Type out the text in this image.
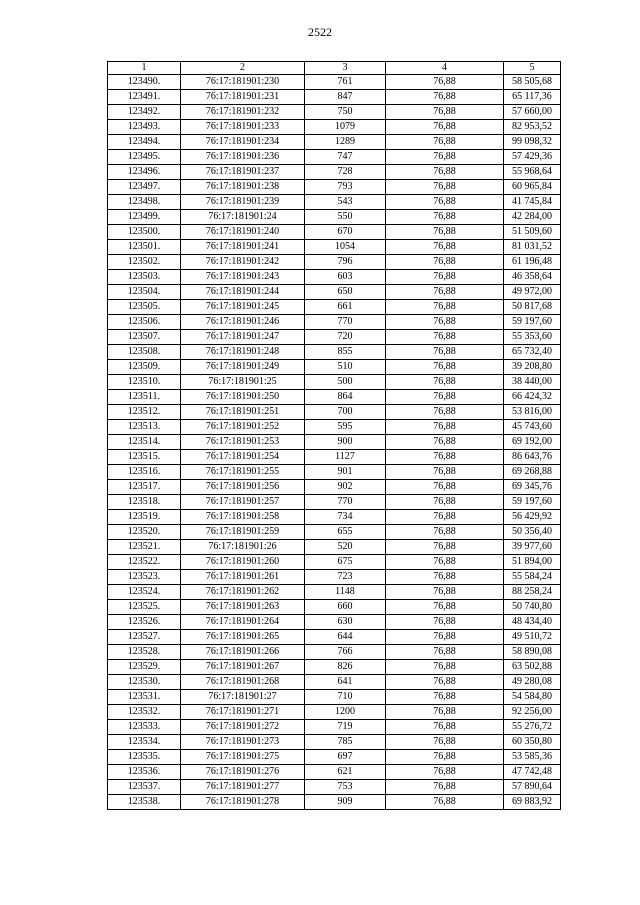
2522
1	2	3	4	5
123490.	76:17:181901:230	761	76,88	58 505,68
123491.	76:17:181901:231	847	76,88	65 117,36
123492.	76:17:181901:232	750	76,88	57 660,00
123493.	76:17:181901:233	1079	76,88	82 953,52
123494.	76:17:181901:234	1289	76,88	99 098,32
123495.	76:17:181901:236	747	76,88	57 429,36
123496.	76:17:181901:237	728	76,88	55 968,64
123497.	76:17:181901:238	793	76,88	60 965,84
123498.	76:17:181901:239	543	76,88	41 745,84
123499.	76:17:181901:24	550	76,88	42 284,00
123500.	76:17:181901:240	670	76,88	51 509,60
123501.	76:17:181901:241	1054	76,88	81 031,52
123502.	76:17:181901:242	796	76,88	61 196,48
123503.	76:17:181901:243	603	76,88	46 358,64
123504.	76:17:181901:244	650	76,88	49 972,00
123505.	76:17:181901:245	661	76,88	50 817,68
123506.	76:17:181901:246	770	76,88	59 197,60
123507.	76:17:181901:247	720	76,88	55 353,60
123508.	76:17:181901:248	855	76,88	65 732,40
123509.	76:17:181901:249	510	76,88	39 208,80
123510.	76:17:181901:25	500	76,88	38 440,00
123511.	76:17:181901:250	864	76,88	66 424,32
123512.	76:17:181901:251	700	76,88	53 816,00
123513.	76:17:181901:252	595	76,88	45 743,60
123514.	76:17:181901:253	900	76,88	69 192,00
123515.	76:17:181901:254	1127	76,88	86 643,76
123516.	76:17:181901:255	901	76,88	69 268,88
123517.	76:17:181901:256	902	76,88	69 345,76
123518.	76:17:181901:257	770	76,88	59 197,60
123519.	76:17:181901:258	734	76,88	56 429,92
123520.	76:17:181901:259	655	76,88	50 356,40
123521.	76:17:181901:26	520	76,88	39 977,60
123522.	76:17:181901:260	675	76,88	51 894,00
123523.	76:17:181901:261	723	76,88	55 584,24
123524.	76:17:181901:262	1148	76,88	88 258,24
123525.	76:17:181901:263	660	76,88	50 740,80
123526.	76:17:181901:264	630	76,88	48 434,40
123527.	76:17:181901:265	644	76,88	49 510,72
123528.	76:17:181901:266	766	76,88	58 890,08
123529.	76:17:181901:267	826	76,88	63 502,88
123530.	76:17:181901:268	641	76,88	49 280,08
123531.	76:17:181901:27	710	76,88	54 584,80
123532.	76:17:181901:271	1200	76,88	92 256,00
123533.	76:17:181901:272	719	76,88	55 276,72
123534.	76:17:181901:273	785	76,88	60 350,80
123535.	76:17:181901:275	697	76,88	53 585,36
123536.	76:17:181901:276	621	76,88	47 742,48
123537.	76:17:181901:277	753	76,88	57 890,64
123538.	76:17:181901:278	909	76,88	69 883,92
